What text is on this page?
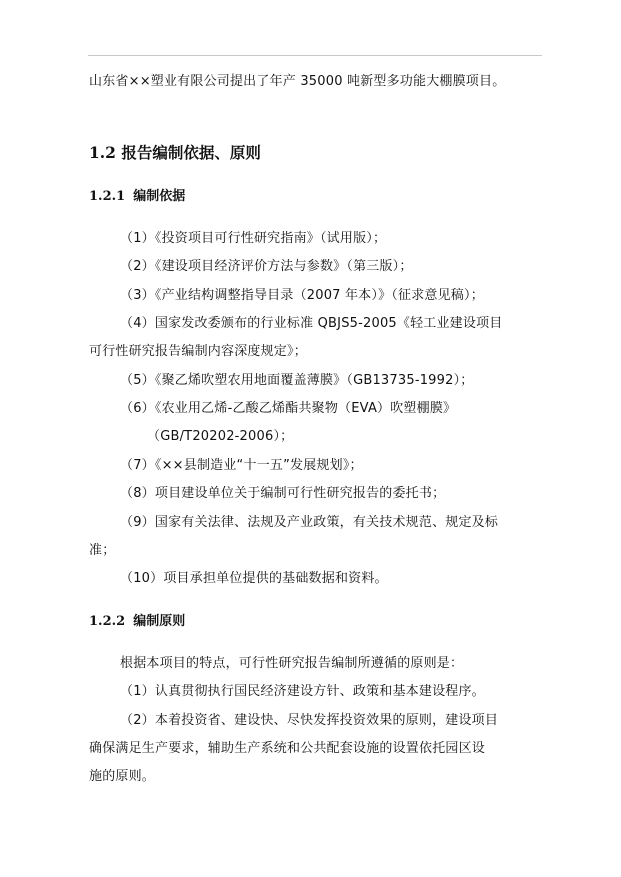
山东省××塑业有限公司提出了年产 35000 吨新型多功能大棚膜项目。
1.2 报告编制依据、原则
1.2.1 编制依据
（1）《投资项目可行性研究指南》（试用版）；
（2）《建设项目经济评价方法与参数》（第三版）；
（3）《产业结构调整指导目录（2007 年本）》（征求意见稿）；
（4）国家发改委颁布的行业标准 QBJS5-2005《轻工业建设项目
可行性研究报告编制内容深度规定》；
（5）《聚乙烯吹塑农用地面覆盖薄膜》（GB13735-1992）；
（6）《农业用乙烯-乙酸乙烯酯共聚物（EVA）吹塑棚膜》
（GB/T20202-2006）；
（7）《××县制造业“十一五”发展规划》；
（8）项目建设单位关于编制可行性研究报告的委托书；
（9）国家有关法律、法规及产业政策，有关技术规范、规定及标
准；
（10）项目承担单位提供的基础数据和资料。
1.2.2 编制原则
根据本项目的特点，可行性研究报告编制所遵循的原则是：
（1）认真贯彻执行国民经济建设方针、政策和基本建设程序。
（2）本着投资省、建设快、尽快发挥投资效果的原则，建设项目
确保满足生产要求，辅助生产系统和公共配套设施的设置依托园区设
施的原则。
